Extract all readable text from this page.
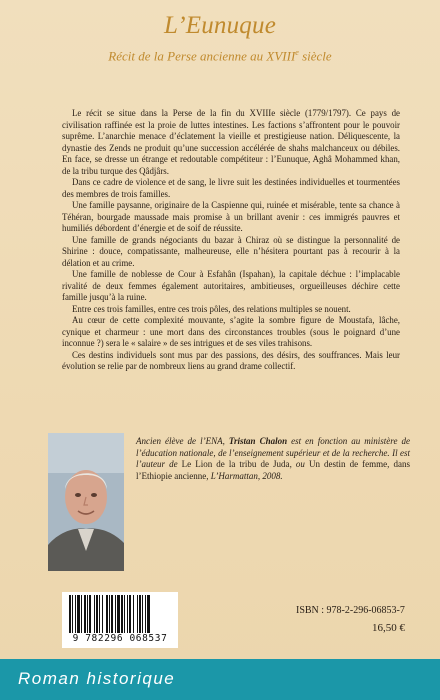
L’Eunuque
Récit de la Perse ancienne au XVIIIe siècle

Le récit se situe dans la Perse de la fin du XVIIIe siècle (1779/1797). Ce pays de civilisation raffinée est la proie de luttes intestines. Les factions s’affrontent pour le pouvoir suprême. L’anarchie menace d’éclatement la vieille et prestigieuse nation. Déliquescente, la dynastie des Zends ne produit qu’une succession accélérée de shahs malchanceux ou débiles. En face, se dresse un étrange et redoutable compétiteur : l’Eunuque, Aghâ Mohammed khan, de la tribu turque des Qâdjârs.

Dans ce cadre de violence et de sang, le livre suit les destinées individuelles et tourmentées des membres de trois familles.

Une famille paysanne, originaire de la Caspienne qui, ruinée et misérable, tente sa chance à Téhéran, bourgade maussade mais promise à un brillant avenir : ces immigrés pauvres et humiliés débordent d’énergie et de soif de réussite.

Une famille de grands négociants du bazar à Chiraz où se distingue la personnalité de Shirine : douce, compatissante, malheureuse, elle n’hésitera pourtant pas à recourir à la délation et au crime.

Une famille de noblesse de Cour à Esfahân (Ispahan), la capitale déchue : l’implacable rivalité de deux femmes également autoritaires, ambitieuses, orgueilleuses déchire cette famille jusqu’à la ruine.

Entre ces trois familles, entre ces trois pôles, des relations multiples se nouent.

Au cœur de cette complexité mouvante, s’agite la sombre figure de Moustafa, lâche, cynique et charmeur : une mort dans des circonstances troubles (sous le poignard d’une inconnue ?) sera le « salaire » de ses intrigues et de ses viles trahisons.

Ces destins individuels sont mus par des passions, des désirs, des souffrances. Mais leur évolution se relie par de nombreux liens au grand drame collectif.

Ancien élève de l’ENA, Tristan Chalon est en fonction au ministère de l’éducation nationale, de l’enseignement supérieur et de la recherche. Il est l’auteur de Le Lion de la tribu de Juda, ou Un destin de femme, dans l’Ethiopie ancienne, L’Harmattan, 2008.
9 782296 068537
ISBN : 978-2-296-06853-7
16,50 €
Roman historique
